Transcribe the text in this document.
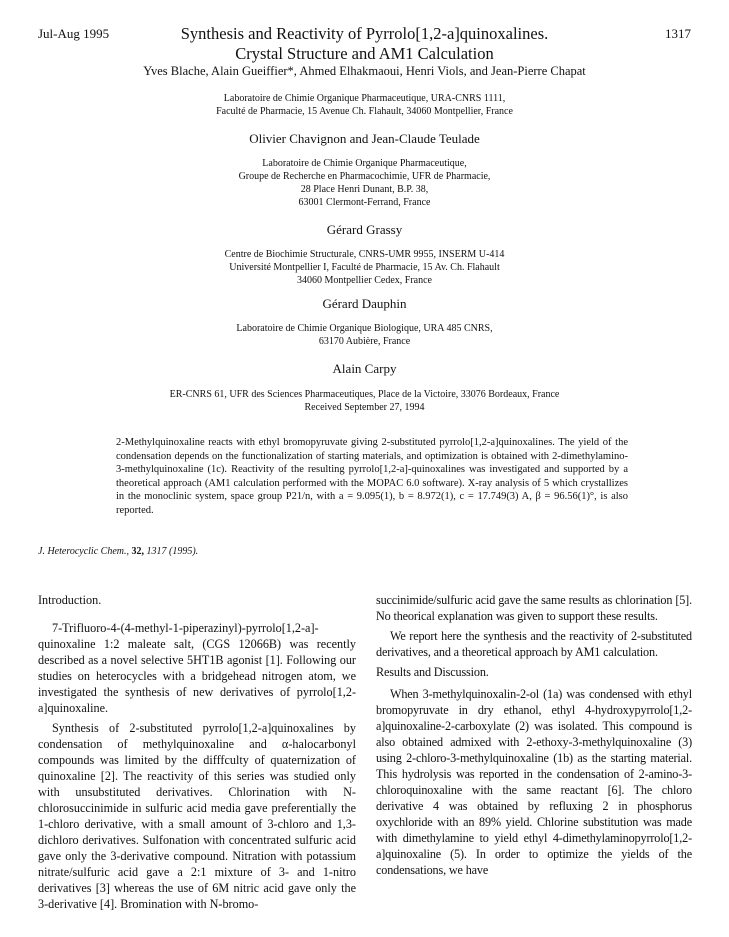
Jul-Aug 1995	1317
Synthesis and Reactivity of Pyrrolo[1,2-a]quinoxalines.
Crystal Structure and AM1 Calculation
Yves Blache, Alain Gueiffier*, Ahmed Elhakmaoui, Henri Viols, and Jean-Pierre Chapat
Laboratoire de Chimie Organique Pharmaceutique, URA-CNRS 1111,
Faculté de Pharmacie, 15 Avenue Ch. Flahault, 34060 Montpellier, France
Olivier Chavignon and Jean-Claude Teulade
Laboratoire de Chimie Organique Pharmaceutique,
Groupe de Recherche en Pharmacochimie, UFR de Pharmacie,
28 Place Henri Dunant, B.P. 38,
63001 Clermont-Ferrand, France
Gérard Grassy
Centre de Biochimie Structurale, CNRS-UMR 9955, INSERM U-414
Université Montpellier I, Faculté de Pharmacie, 15 Av. Ch. Flahault
34060 Montpellier Cedex, France
Gérard Dauphin
Laboratoire de Chimie Organique Biologique, URA 485 CNRS,
63170 Aubière, France
Alain Carpy
ER-CNRS 61, UFR des Sciences Pharmaceutiques, Place de la Victoire, 33076 Bordeaux, France
Received September 27, 1994
2-Methylquinoxaline reacts with ethyl bromopyruvate giving 2-substituted pyrrolo[1,2-a]quinoxalines. The yield of the condensation depends on the functionalization of starting materials, and optimization is obtained with 2-dimethylamino-3-methylquinoxaline (1c). Reactivity of the resulting pyrrolo[1,2-a]-quinoxalines was investigated and supported by a theoretical approach (AM1 calculation performed with the MOPAC 6.0 software). X-ray analysis of 5 which crystallizes in the monoclinic system, space group P21/n, with a = 9.095(1), b = 8.972(1), c = 17.749(3) A, β = 96.56(1)°, is also reported.
J. Heterocyclic Chem., 32, 1317 (1995).

Introduction.

7-Trifluoro-4-(4-methyl-1-piperazinyl)-pyrrolo[1,2-a]-quinoxaline 1:2 maleate salt, (CGS 12066B) was recently described as a novel selective 5HT1B agonist [1]. Following our studies on heterocycles with a bridgehead nitrogen atom, we investigated the synthesis of new derivatives of pyrrolo[1,2-a]quinoxaline.

Synthesis of 2-substituted pyrrolo[1,2-a]quinoxalines by condensation of methylquinoxaline and α-halocarbonyl compounds was limited by the difffculty of quaternization of quinoxaline [2]. The reactivity of this series was studied only with unsubstituted derivatives. Chlorination with N-chlorosuccinimide in sulfuric acid media gave preferentially the 1-chloro derivative, with a small amount of 3-chloro and 1,3-dichloro derivatives. Sulfonation with concentrated sulfuric acid gave only the 3-derivative compound. Nitration with potassium nitrate/sulfuric acid gave a 2:1 mixture of 3- and 1-nitro derivatives [3] whereas the use of 6M nitric acid gave only the 3-derivative [4]. Bromination with N-bromo-

succinimide/sulfuric acid gave the same results as chlorination [5]. No theorical explanation was given to support these results.

We report here the synthesis and the reactivity of 2-substituted derivatives, and a theoretical approach by AM1 calculation.

Results and Discussion.

When 3-methylquinoxalin-2-ol (1a) was condensed with ethyl bromopyruvate in dry ethanol, ethyl 4-hydroxypyrrolo[1,2-a]quinoxaline-2-carboxylate (2) was isolated. This compound is also obtained admixed with 2-ethoxy-3-methylquinoxaline (3) using 2-chloro-3-methylquinoxaline (1b) as the starting material. This hydrolysis was reported in the condensation of 2-amino-3-chloroquinoxaline with the same reactant [6]. The chloro derivative 4 was obtained by refluxing 2 in phosphorus oxychloride with an 89% yield. Chlorine substitution was made with dimethylamine to yield ethyl 4-dimethylaminopyrrolo[1,2-a]quinoxaline (5). In order to optimize the yields of the condensations, we have
